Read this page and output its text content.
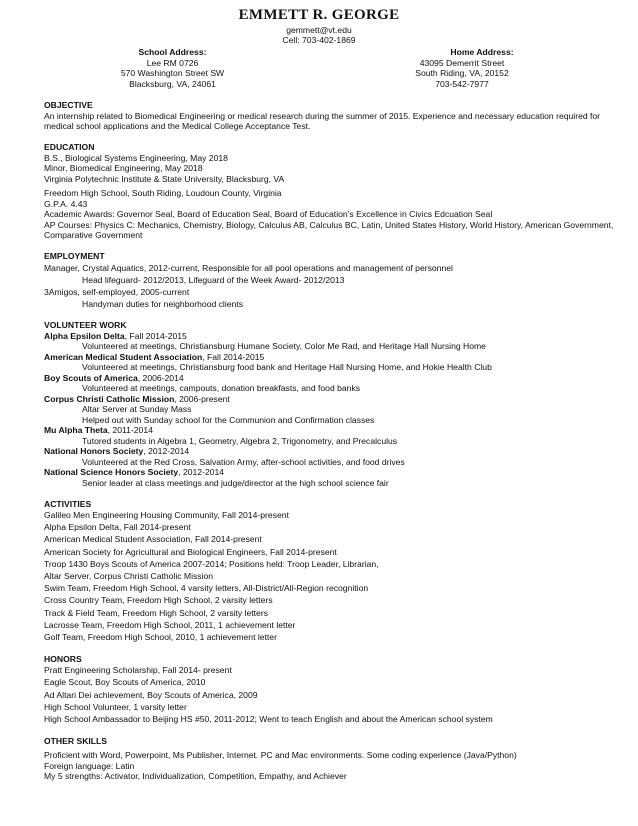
EMMETT R. GEORGE
gemmett@vt.edu
Cell: 703-402-1869
School Address:
Lee RM 0726
570 Washington Street SW
Blacksburg, VA, 24061
Home Address:
43095 Demerrit Street
South Riding, VA, 20152
703-542-7977
OBJECTIVE
An internship related to Biomedical Engineering or medical research during the summer of 2015. Experience and necessary education required for medical school applications and the Medical College Acceptance Test.
EDUCATION
B.S., Biological Systems Engineering, May 2018
Minor, Biomedical Engineering, May 2018
Virginia Polytechnic Institute & State University, Blacksburg, VA
Freedom High School, South Riding, Loudoun County, Virginia
G.P.A. 4.43
Academic Awards: Governor Seal, Board of Education Seal, Board of Education’s Excellence in Civics Edcuation Seal
AP Courses: Physics C: Mechanics, Chemistry, Biology, Calculus AB, Calculus BC, Latin, United States History, World History, American Government, Comparative Government
EMPLOYMENT
Manager, Crystal Aquatics, 2012-current, Responsible for all pool operations and management of personnel
Head lifeguard- 2012/2013, Lifeguard of the Week Award- 2012/2013
3Amigos, self-employed, 2005-current
Handyman duties for neighborhood clients
VOLUNTEER WORK
Alpha Epsilon Delta, Fall 2014-2015
Volunteered at meetings, Christiansburg Humane Society, Color Me Rad, and Heritage Hall Nursing Home
American Medical Student Association, Fall 2014-2015
Volunteered at meetings, Christiansburg food bank and Heritage Hall Nursing Home, and Hokie Health Club
Boy Scouts of America, 2006-2014
Volunteered at meetings, campouts, donation breakfasts, and food banks
Corpus Christi Catholic Mission, 2006-present
Altar Server at Sunday Mass
Helped out with Sunday school for the Communion and Confirmation classes
Mu Alpha Theta, 2011-2014
Tutored students in Algebra 1, Geometry, Algebra 2, Trigonometry, and Precalculus
National Honors Society, 2012-2014
Volunteered at the Red Cross, Salvation Army, after-school activities, and food drives
National Science Honors Society, 2012-2014
Senior leader at class meetings and judge/director at the high school science fair
ACTIVITIES
Galileo Men Engineering Housing Community, Fall 2014-present
Alpha Epsilon Delta, Fall 2014-present
American Medical Student Association, Fall 2014-present
American Society for Agricultural and Biological Engineers, Fall 2014-present
Troop 1430 Boys Scouts of America 2007-2014; Positions held: Troop Leader, Librarian,
Altar Server, Corpus Christi Catholic Mission
Swim Team, Freedom High School, 4 varsity letters, All-District/All-Region recognition
Cross Country Team, Freedom High School, 2 varsity letters
Track & Field Team, Freedom High School, 2 varsity letters
Lacrosse Team, Freedom High School, 2011, 1 achievement letter
Golf Team, Freedom High School, 2010, 1 achievement letter
HONORS
Pratt Engineering Scholarship, Fall 2014- present
Eagle Scout, Boy Scouts of America, 2010
Ad Altari Dei achievement, Boy Scouts of America, 2009
High School Volunteer, 1 varsity letter
High School Ambassador to Beijing HS #50, 2011-2012; Went to teach English and about the American school system
OTHER SKILLS
Proficient with Word, Powerpoint, Ms Publisher, Internet. PC and Mac environments. Some coding experience (Java/Python)
Foreign language: Latin
My 5 strengths: Activator, Individualization, Competition, Empathy, and Achiever
